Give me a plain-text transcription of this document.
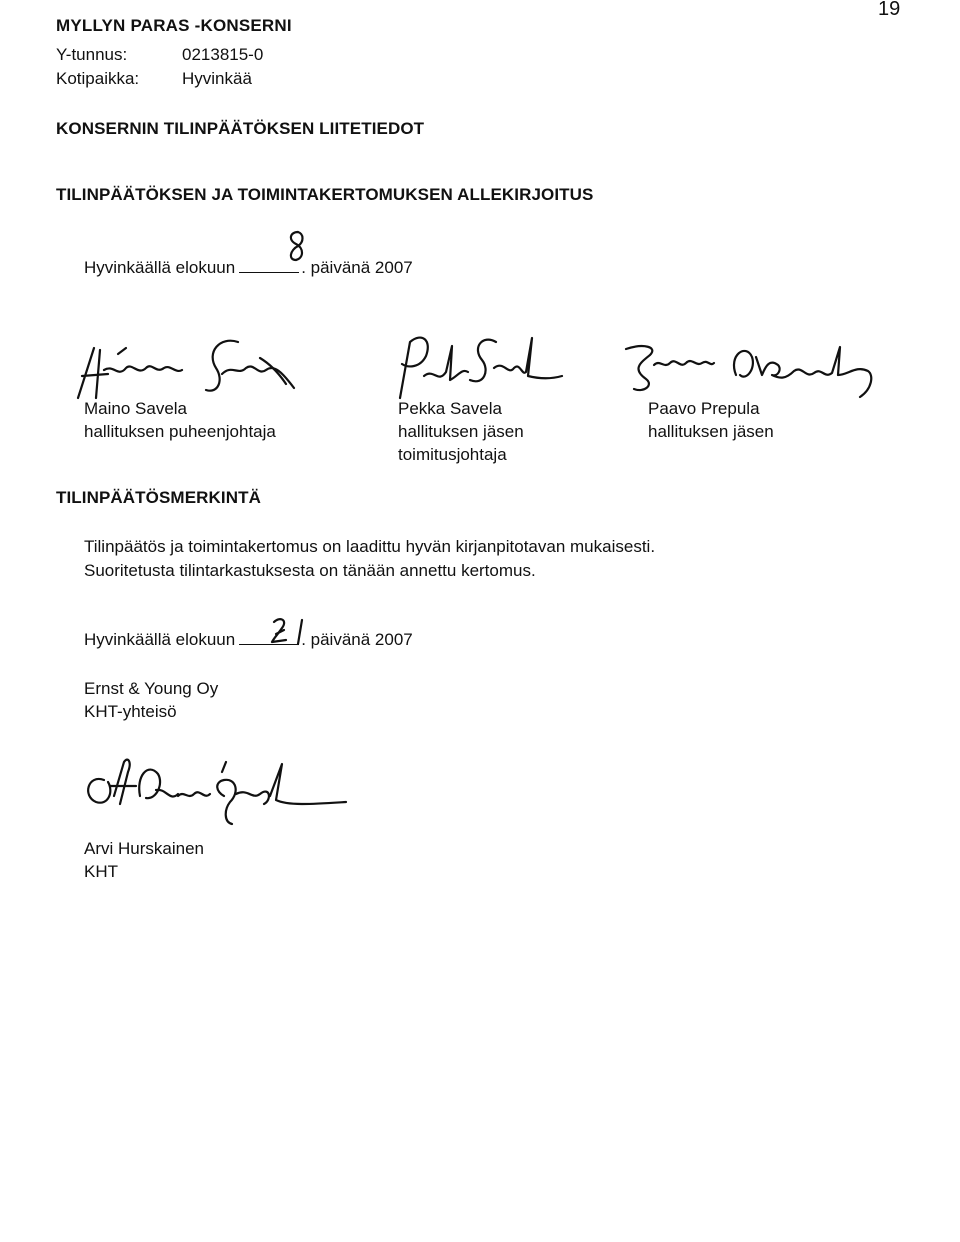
19
MYLLYN PARAS -KONSERNI
Y-tunnus:	0213815-0
Kotipaikka:	Hyvinkää
KONSERNIN TILINPÄÄTÖKSEN LIITETIEDOT
TILINPÄÄTÖKSEN JA TOIMINTAKERTOMUKSEN ALLEKIRJOITUS
Hyvinkäällä elokuun	. päivänä 2007
Maino Savela
hallituksen puheenjohtaja
Pekka Savela
hallituksen jäsen
toimitusjohtaja
Paavo Prepula
hallituksen jäsen
TILINPÄÄTÖSMERKINTÄ
Tilinpäätös ja toimintakertomus on laadittu hyvän kirjanpitotavan mukaisesti.
Suoritetusta tilintarkastuksesta on tänään annettu kertomus.
Hyvinkäällä elokuun	. päivänä 2007
Ernst & Young Oy
KHT-yhteisö
Arvi Hurskainen
KHT
